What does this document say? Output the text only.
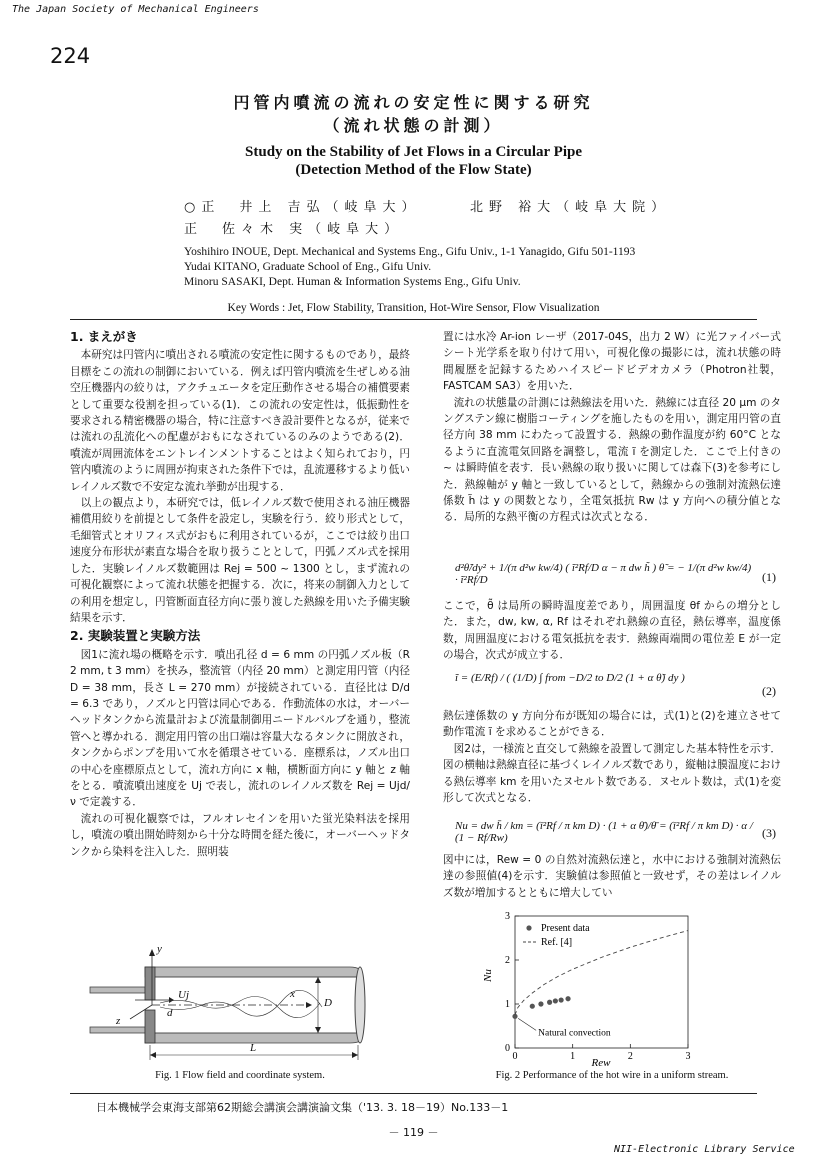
The Japan Society of Mechanical Engineers
224
円管内噴流の流れの安定性に関する研究
（流れ状態の計測）
Study on the Stability of Jet Flows in a Circular Pipe
(Detection Method of the Flow State)
○正　井上 吉弘（岐阜大）
正　佐々木 実（岐阜大）
北野 裕大（岐阜大院）
Yoshihiro INOUE, Dept. Mechanical and Systems Eng., Gifu Univ., 1-1 Yanagido, Gifu 501-1193
Yudai KITANO, Graduate School of Eng., Gifu Univ.
Minoru SASAKI, Dept. Human & Information Systems Eng., Gifu Univ.
Key Words : Jet, Flow Stability, Transition, Hot-Wire Sensor, Flow Visualization
1. まえがき

本研究は円管内に噴出される噴流の安定性に関するものであり，最終目標をこの流れの制御においている．例えば円管内噴流を生ぜしめる油空圧機器内の絞りは，アクチュエータを定圧動作させる場合の補償要素として重要な役割を担っている(1)．この流れの安定性は，低振動性を要求される精密機器の場合，特に注意すべき設計要件となるが，従来では流れの乱流化への配慮がおもになされているのみのようである(2)．噴流が周囲流体をエントレインメントすることはよく知られており，円管内噴流のように周囲が拘束された条件下では，乱流遷移するより低いレイノルズ数で不安定な流れ挙動が出現する．

以上の観点より，本研究では，低レイノルズ数で使用される油圧機器補償用絞りを前提として条件を設定し，実験を行う．絞り形式として，毛細管式とオリフィス式がおもに利用されているが，ここでは絞り出口速度分布形状が素直な場合を取り扱うこととして，円弧ノズル式を採用した．実験レイノルズ数範囲は Rej = 500 ~ 1300 とし，まず流れの可視化観察によって流れ状態を把握する．次に，将来の制御入力としての利用を想定し，円管断面直径方向に張り渡した熱線を用いた予備実験結果を示す．

2. 実験装置と実験方法

図1に流れ場の概略を示す．噴出孔径 d = 6 mm の円弧ノズル板（R 2 mm, t 3 mm）を挟み，整流管（内径 20 mm）と測定用円管（内径 D = 38 mm，長さ L = 270 mm）が接続されている．直径比は D/d = 6.3 であり，ノズルと円管は同心である．作動流体の水は，オーバーヘッドタンクから流量計および流量制御用ニードルバルブを通り，整流管へと導かれる．測定用円管の出口端は容量大なるタンクに開放され，タンクからポンプを用いて水を循環させている．座標系は，ノズル出口の中心を座標原点として，流れ方向に x 軸，横断面方向に y 軸と z 軸をとる．噴流噴出速度を Uj で表し，流れのレイノルズ数を Rej = Ujd/ν で定義する．

流れの可視化観察では，フルオレセインを用いた蛍光染料法を採用し，噴流の噴出開始時刻から十分な時間を経た後に，オーバーヘッドタンクから染料を注入した．照明装

置には水冷 Ar-ion レーザ（2017-04S，出力 2 W）に光ファイバー式シート光学系を取り付けて用い，可視化像の撮影には，流れ状態の時間履歴を記録するためハイスピードビデオカメラ（Photron社製，FASTCAM SA3）を用いた．

流れの状態量の計測には熱線法を用いた．熱線には直径 20 μm のタングステン線に樹脂コーティングを施したものを用い，測定用円管の直径方向 38 mm にわたって設置する．熱線の動作温度が約 60°C となるように直流電気回路を調整し，電流 ĩ を測定した．ここで上付きの ~ は瞬時値を表す．長い熱線の取り扱いに関しては森下(3)を参考にした．熱線軸が y 軸と一致しているとして，熱線からの強制対流熱伝達係数 h̃ は y の関数となり，全電気抵抗 Rw は y 方向への積分値となる．局所的な熱平衡の方程式は次式となる．

d²θ̃/dy² + 1/(π d²w kw/4) ( ĩ²Rf/D α − π dw h̃ ) θ̃ = − 1/(π d²w kw/4) · ĩ²Rf/D	(1)

ここで，θ̃ は局所の瞬時温度差であり，周囲温度 θf からの増分とした．また，dw, kw, α, Rf はそれぞれ熱線の直径，熱伝導率，温度係数，周囲温度における電気抵抗を表す．熱線両端間の電位差 E が一定の場合，次式が成立する．

ĩ = (E/Rf) / ( (1/D) ∫ from −D/2 to D/2 (1 + α θ̃) dy )
(2)

熱伝達係数の y 方向分布が既知の場合には，式(1)と(2)を連立させて動作電流 ĩ を求めることができる．

図2は，一様流と直交して熱線を設置して測定した基本特性を示す．図の横軸は熱線直径に基づくレイノルズ数であり，縦軸は膜温度における熱伝導率 km を用いたヌセルト数である．ヌセルト数は，式(1)を変形して次式となる．

Nu = dw h̄ / km = (ī²Rf / π km D) · (1 + α θ̄)/θ̄ = (ī²Rf / π km D) · α / (1 − Rf/Rw)	(3)

図中には，Rew = 0 の自然対流熱伝達と，水中における強制対流熱伝達の参照値(4)を示す．実験値は参照値と一致せず，その差はレイノルズ数が増加するとともに増大してい

y
Uj	x
d
D
z
L
Fig. 1 Flow field and coordinate system.
0	1	2	3
0
1
2
3
Rew
Nu
Present data
Ref. [4]
Natural convection
Fig. 2 Performance of the hot wire in a uniform stream.
日本機械学会東海支部第62期総会講演会講演論文集（'13. 3. 18－19）No.133－1
－ 119 －
NII-Electronic Library Service
